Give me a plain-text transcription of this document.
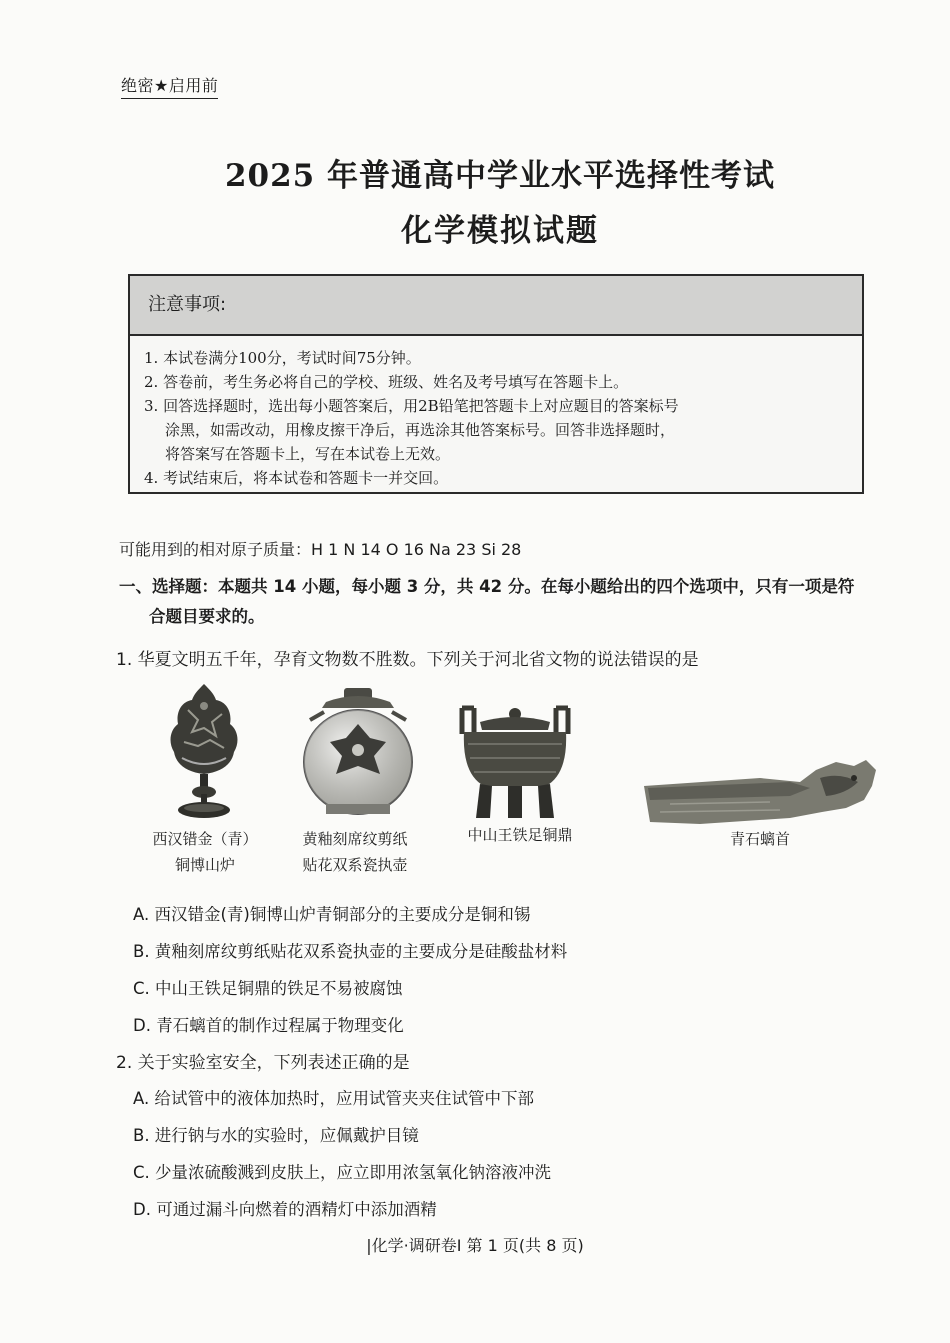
绝密★启用前
2025 年普通高中学业水平选择性考试
化学模拟试题
注意事项:
1. 本试卷满分100分，考试时间75分钟。
2. 答卷前，考生务必将自己的学校、班级、姓名及考号填写在答题卡上。
3. 回答选择题时，选出每小题答案后，用2B铅笔把答题卡上对应题目的答案标号
涂黑，如需改动，用橡皮擦干净后，再选涂其他答案标号。回答非选择题时，
将答案写在答题卡上，写在本试卷上无效。
4. 考试结束后，将本试卷和答题卡一并交回。
可能用到的相对原子质量：H 1 N 14 O 16 Na 23 Si 28
一、选择题：本题共 14 小题，每小题 3 分，共 42 分。在每小题给出的四个选项中，只有一项是符
合题目要求的。
1. 华夏文明五千年，孕育文物数不胜数。下列关于河北省文物的说法错误的是
西汉错金（青）
铜博山炉
黄釉刻席纹剪纸
贴花双系瓷执壶
中山王铁足铜鼎	青石螭首
A. 西汉错金(青)铜博山炉青铜部分的主要成分是铜和锡
B. 黄釉刻席纹剪纸贴花双系瓷执壶的主要成分是硅酸盐材料
C. 中山王铁足铜鼎的铁足不易被腐蚀
D. 青石螭首的制作过程属于物理变化
2. 关于实验室安全，下列表述正确的是
A. 给试管中的液体加热时，应用试管夹夹住试管中下部
B. 进行钠与水的实验时，应佩戴护目镜
C. 少量浓硫酸溅到皮肤上，应立即用浓氢氧化钠溶液冲洗
D. 可通过漏斗向燃着的酒精灯中添加酒精
|化学·调研卷Ⅰ 第 1 页(共 8 页)
